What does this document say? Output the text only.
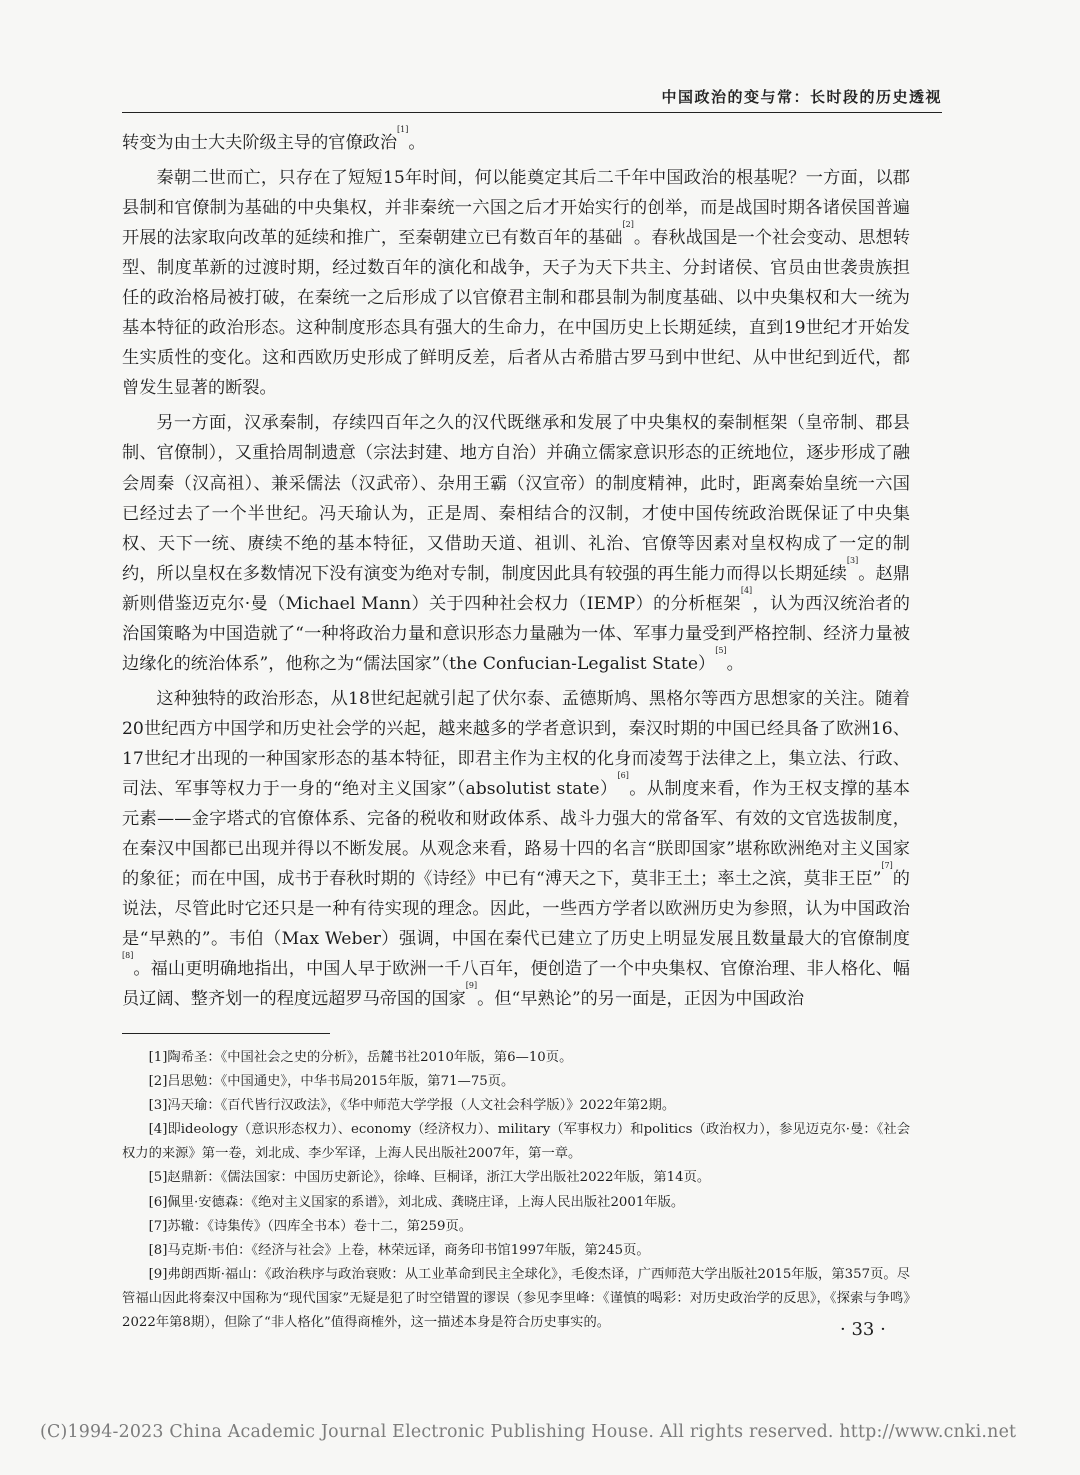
中国政治的变与常：长时段的历史透视

转变为由士大夫阶级主导的官僚政治[1]。

秦朝二世而亡，只存在了短短15年时间，何以能奠定其后二千年中国政治的根基呢？一方面，以郡县制和官僚制为基础的中央集权，并非秦统一六国之后才开始实行的创举，而是战国时期各诸侯国普遍开展的法家取向改革的延续和推广，至秦朝建立已有数百年的基础[2]。春秋战国是一个社会变动、思想转型、制度革新的过渡时期，经过数百年的演化和战争，天子为天下共主、分封诸侯、官员由世袭贵族担任的政治格局被打破，在秦统一之后形成了以官僚君主制和郡县制为制度基础、以中央集权和大一统为基本特征的政治形态。这种制度形态具有强大的生命力，在中国历史上长期延续，直到19世纪才开始发生实质性的变化。这和西欧历史形成了鲜明反差，后者从古希腊古罗马到中世纪、从中世纪到近代，都曾发生显著的断裂。

另一方面，汉承秦制，存续四百年之久的汉代既继承和发展了中央集权的秦制框架（皇帝制、郡县制、官僚制），又重拾周制遗意（宗法封建、地方自治）并确立儒家意识形态的正统地位，逐步形成了融会周秦（汉高祖）、兼采儒法（汉武帝）、杂用王霸（汉宣帝）的制度精神，此时，距离秦始皇统一六国已经过去了一个半世纪。冯天瑜认为，正是周、秦相结合的汉制，才使中国传统政治既保证了中央集权、天下一统、赓续不绝的基本特征，又借助天道、祖训、礼治、官僚等因素对皇权构成了一定的制约，所以皇权在多数情况下没有演变为绝对专制，制度因此具有较强的再生能力而得以长期延续[3]。赵鼎新则借鉴迈克尔·曼（Michael Mann）关于四种社会权力（IEMP）的分析框架[4]，认为西汉统治者的治国策略为中国造就了“一种将政治力量和意识形态力量融为一体、军事力量受到严格控制、经济力量被边缘化的统治体系”，他称之为“儒法国家”（the Confucian-Legalist State）[5]。

这种独特的政治形态，从18世纪起就引起了伏尔泰、孟德斯鸠、黑格尔等西方思想家的关注。随着20世纪西方中国学和历史社会学的兴起，越来越多的学者意识到，秦汉时期的中国已经具备了欧洲16、17世纪才出现的一种国家形态的基本特征，即君主作为主权的化身而凌驾于法律之上，集立法、行政、司法、军事等权力于一身的“绝对主义国家”（absolutist state）[6]。从制度来看，作为王权支撑的基本元素——金字塔式的官僚体系、完备的税收和财政体系、战斗力强大的常备军、有效的文官选拔制度，在秦汉中国都已出现并得以不断发展。从观念来看，路易十四的名言“朕即国家”堪称欧洲绝对主义国家的象征；而在中国，成书于春秋时期的《诗经》中已有“溥天之下，莫非王土；率土之滨，莫非王臣”[7]的说法，尽管此时它还只是一种有待实现的理念。因此，一些西方学者以欧洲历史为参照，认为中国政治是“早熟的”。韦伯（Max Weber）强调，中国在秦代已建立了历史上明显发展且数量最大的官僚制度[8]。福山更明确地指出，中国人早于欧洲一千八百年，便创造了一个中央集权、官僚治理、非人格化、幅员辽阔、整齐划一的程度远超罗马帝国的国家[9]。但“早熟论”的另一面是，正因为中国政治

[1]陶希圣：《中国社会之史的分析》，岳麓书社2010年版，第6—10页。

[2]吕思勉：《中国通史》，中华书局2015年版，第71—75页。

[3]冯天瑜：《百代皆行汉政法》，《华中师范大学学报（人文社会科学版）》2022年第2期。

[4]即ideology（意识形态权力）、economy（经济权力）、military（军事权力）和politics（政治权力），参见迈克尔·曼：《社会权力的来源》第一卷，刘北成、李少军译，上海人民出版社2007年，第一章。

[5]赵鼎新：《儒法国家：中国历史新论》，徐峰、巨桐译，浙江大学出版社2022年版，第14页。

[6]佩里·安德森：《绝对主义国家的系谱》，刘北成、龚晓庄译，上海人民出版社2001年版。

[7]苏辙：《诗集传》（四库全书本）卷十二，第259页。

[8]马克斯·韦伯：《经济与社会》上卷，林荣远译，商务印书馆1997年版，第245页。

[9]弗朗西斯·福山：《政治秩序与政治衰败：从工业革命到民主全球化》，毛俊杰译，广西师范大学出版社2015年版，第357页。尽管福山因此将秦汉中国称为“现代国家”无疑是犯了时空错置的谬误（参见李里峰：《谨慎的喝彩：对历史政治学的反思》，《探索与争鸣》2022年第8期），但除了“非人格化”值得商榷外，这一描述本身是符合历史事实的。	· 33 ·
(C)1994-2023 China Academic Journal Electronic Publishing House. All rights reserved. http://www.cnki.net
